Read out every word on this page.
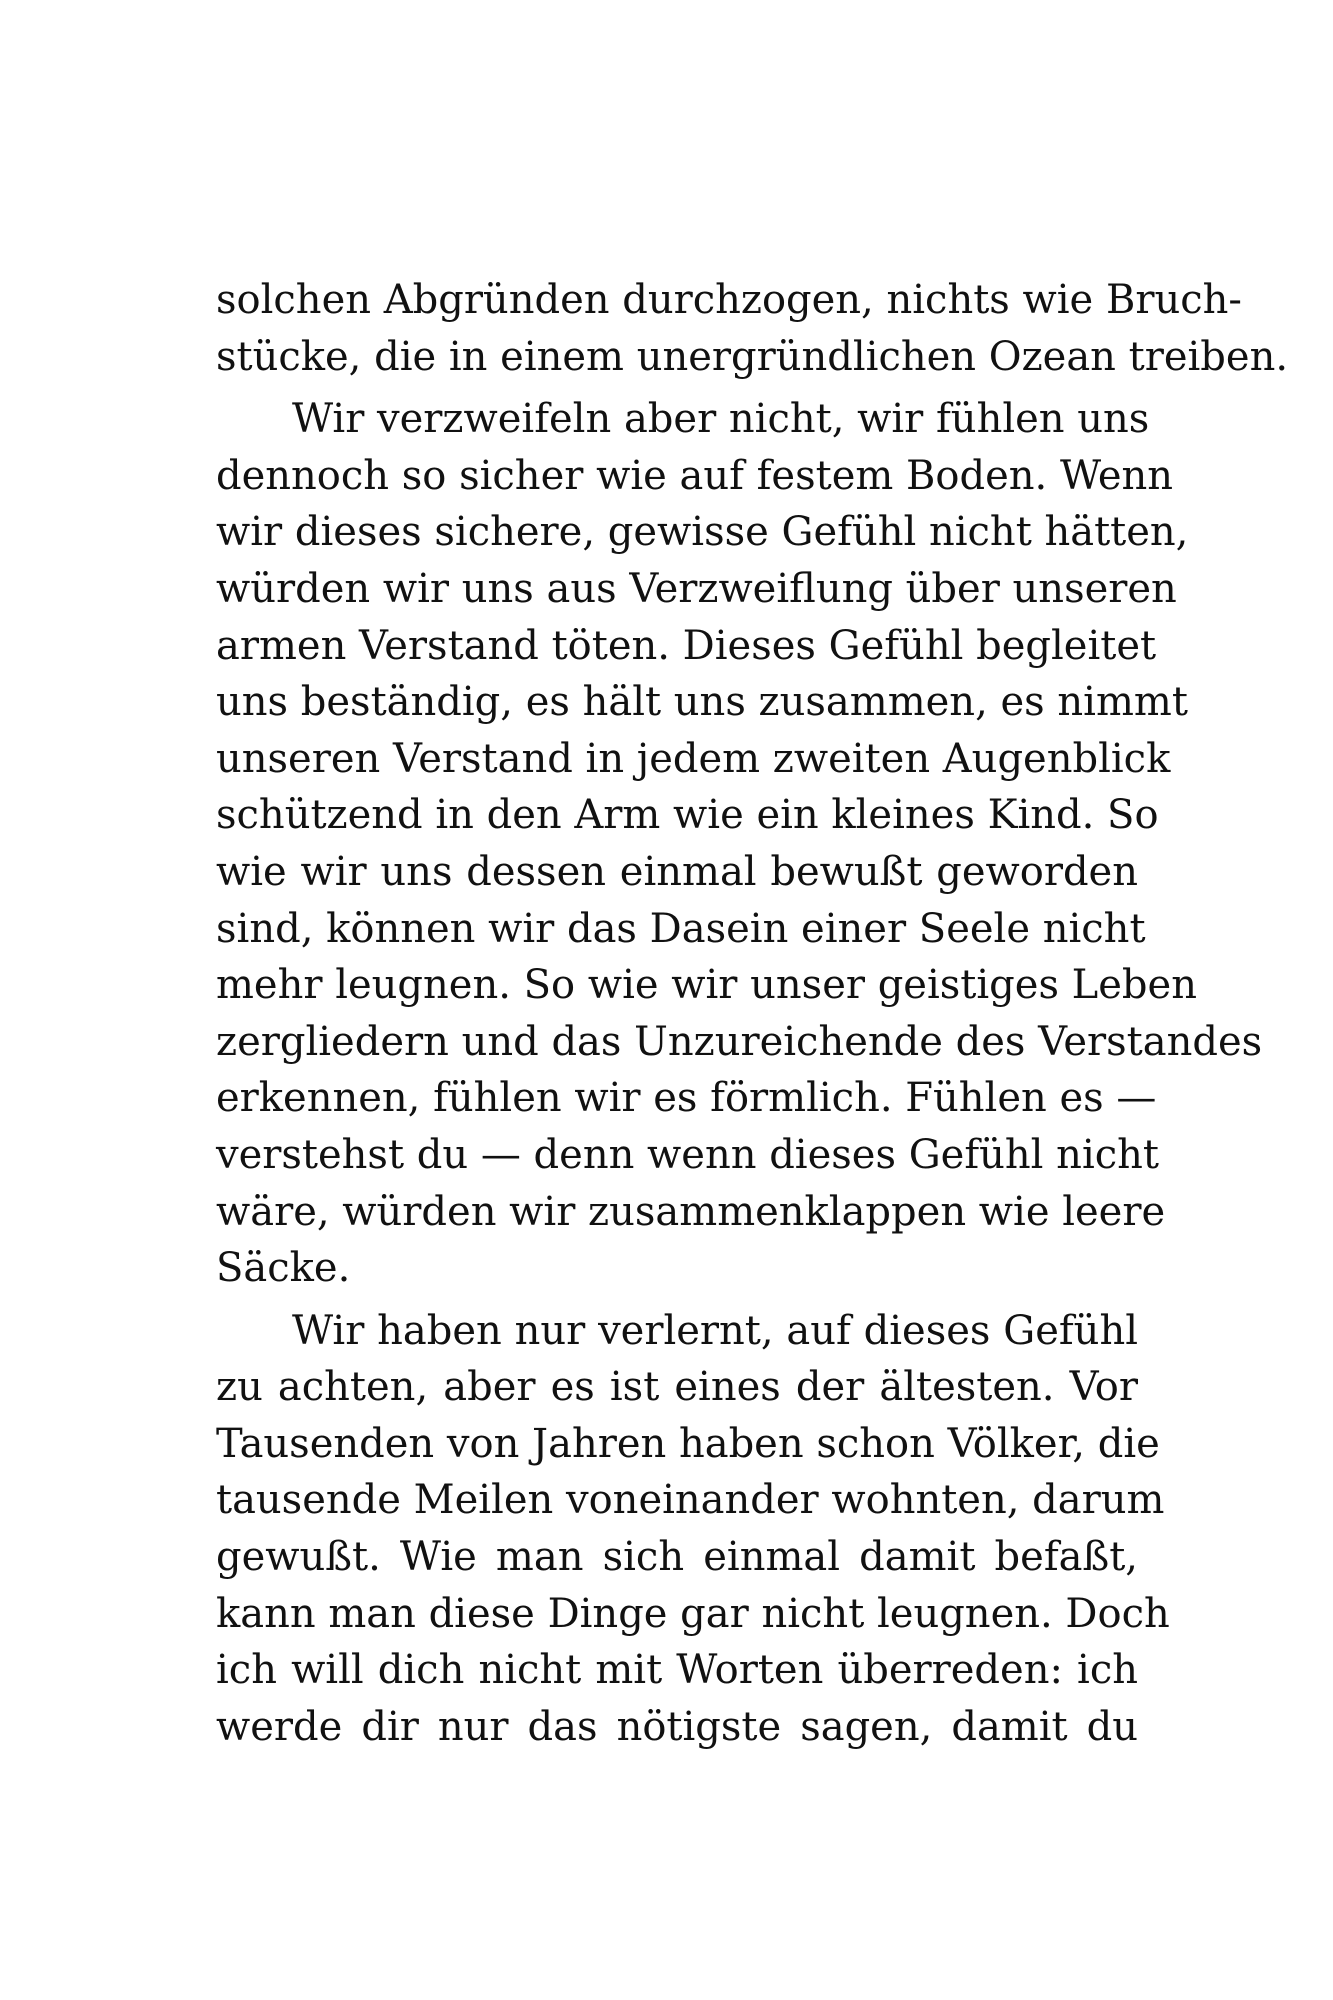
solchen Abgründen durchzogen, nichts wie Bruch-
stücke, die in einem unergründlichen Ozean treiben.
Wir verzweifeln aber nicht, wir fühlen uns
dennoch so sicher wie auf festem Boden. Wenn
wir dieses sichere, gewisse Gefühl nicht hätten,
würden wir uns aus Verzweiflung über unseren
armen Verstand töten. Dieses Gefühl begleitet
uns beständig, es hält uns zusammen, es nimmt
unseren Verstand in jedem zweiten Augenblick
schützend in den Arm wie ein kleines Kind. So
wie wir uns dessen einmal bewußt geworden
sind, können wir das Dasein einer Seele nicht
mehr leugnen. So wie wir unser geistiges Leben
zergliedern und das Unzureichende des Verstandes
erkennen, fühlen wir es förmlich. Fühlen es —
verstehst du — denn wenn dieses Gefühl nicht
wäre, würden wir zusammenklappen wie leere
Säcke.
Wir haben nur verlernt, auf dieses Gefühl
zu achten, aber es ist eines der ältesten. Vor
Tausenden von Jahren haben schon Völker, die
tausende Meilen voneinander wohnten, darum
gewußt. Wie man sich einmal damit befaßt,
kann man diese Dinge gar nicht leugnen. Doch
ich will dich nicht mit Worten überreden: ich
werde dir nur das nötigste sagen, damit du
